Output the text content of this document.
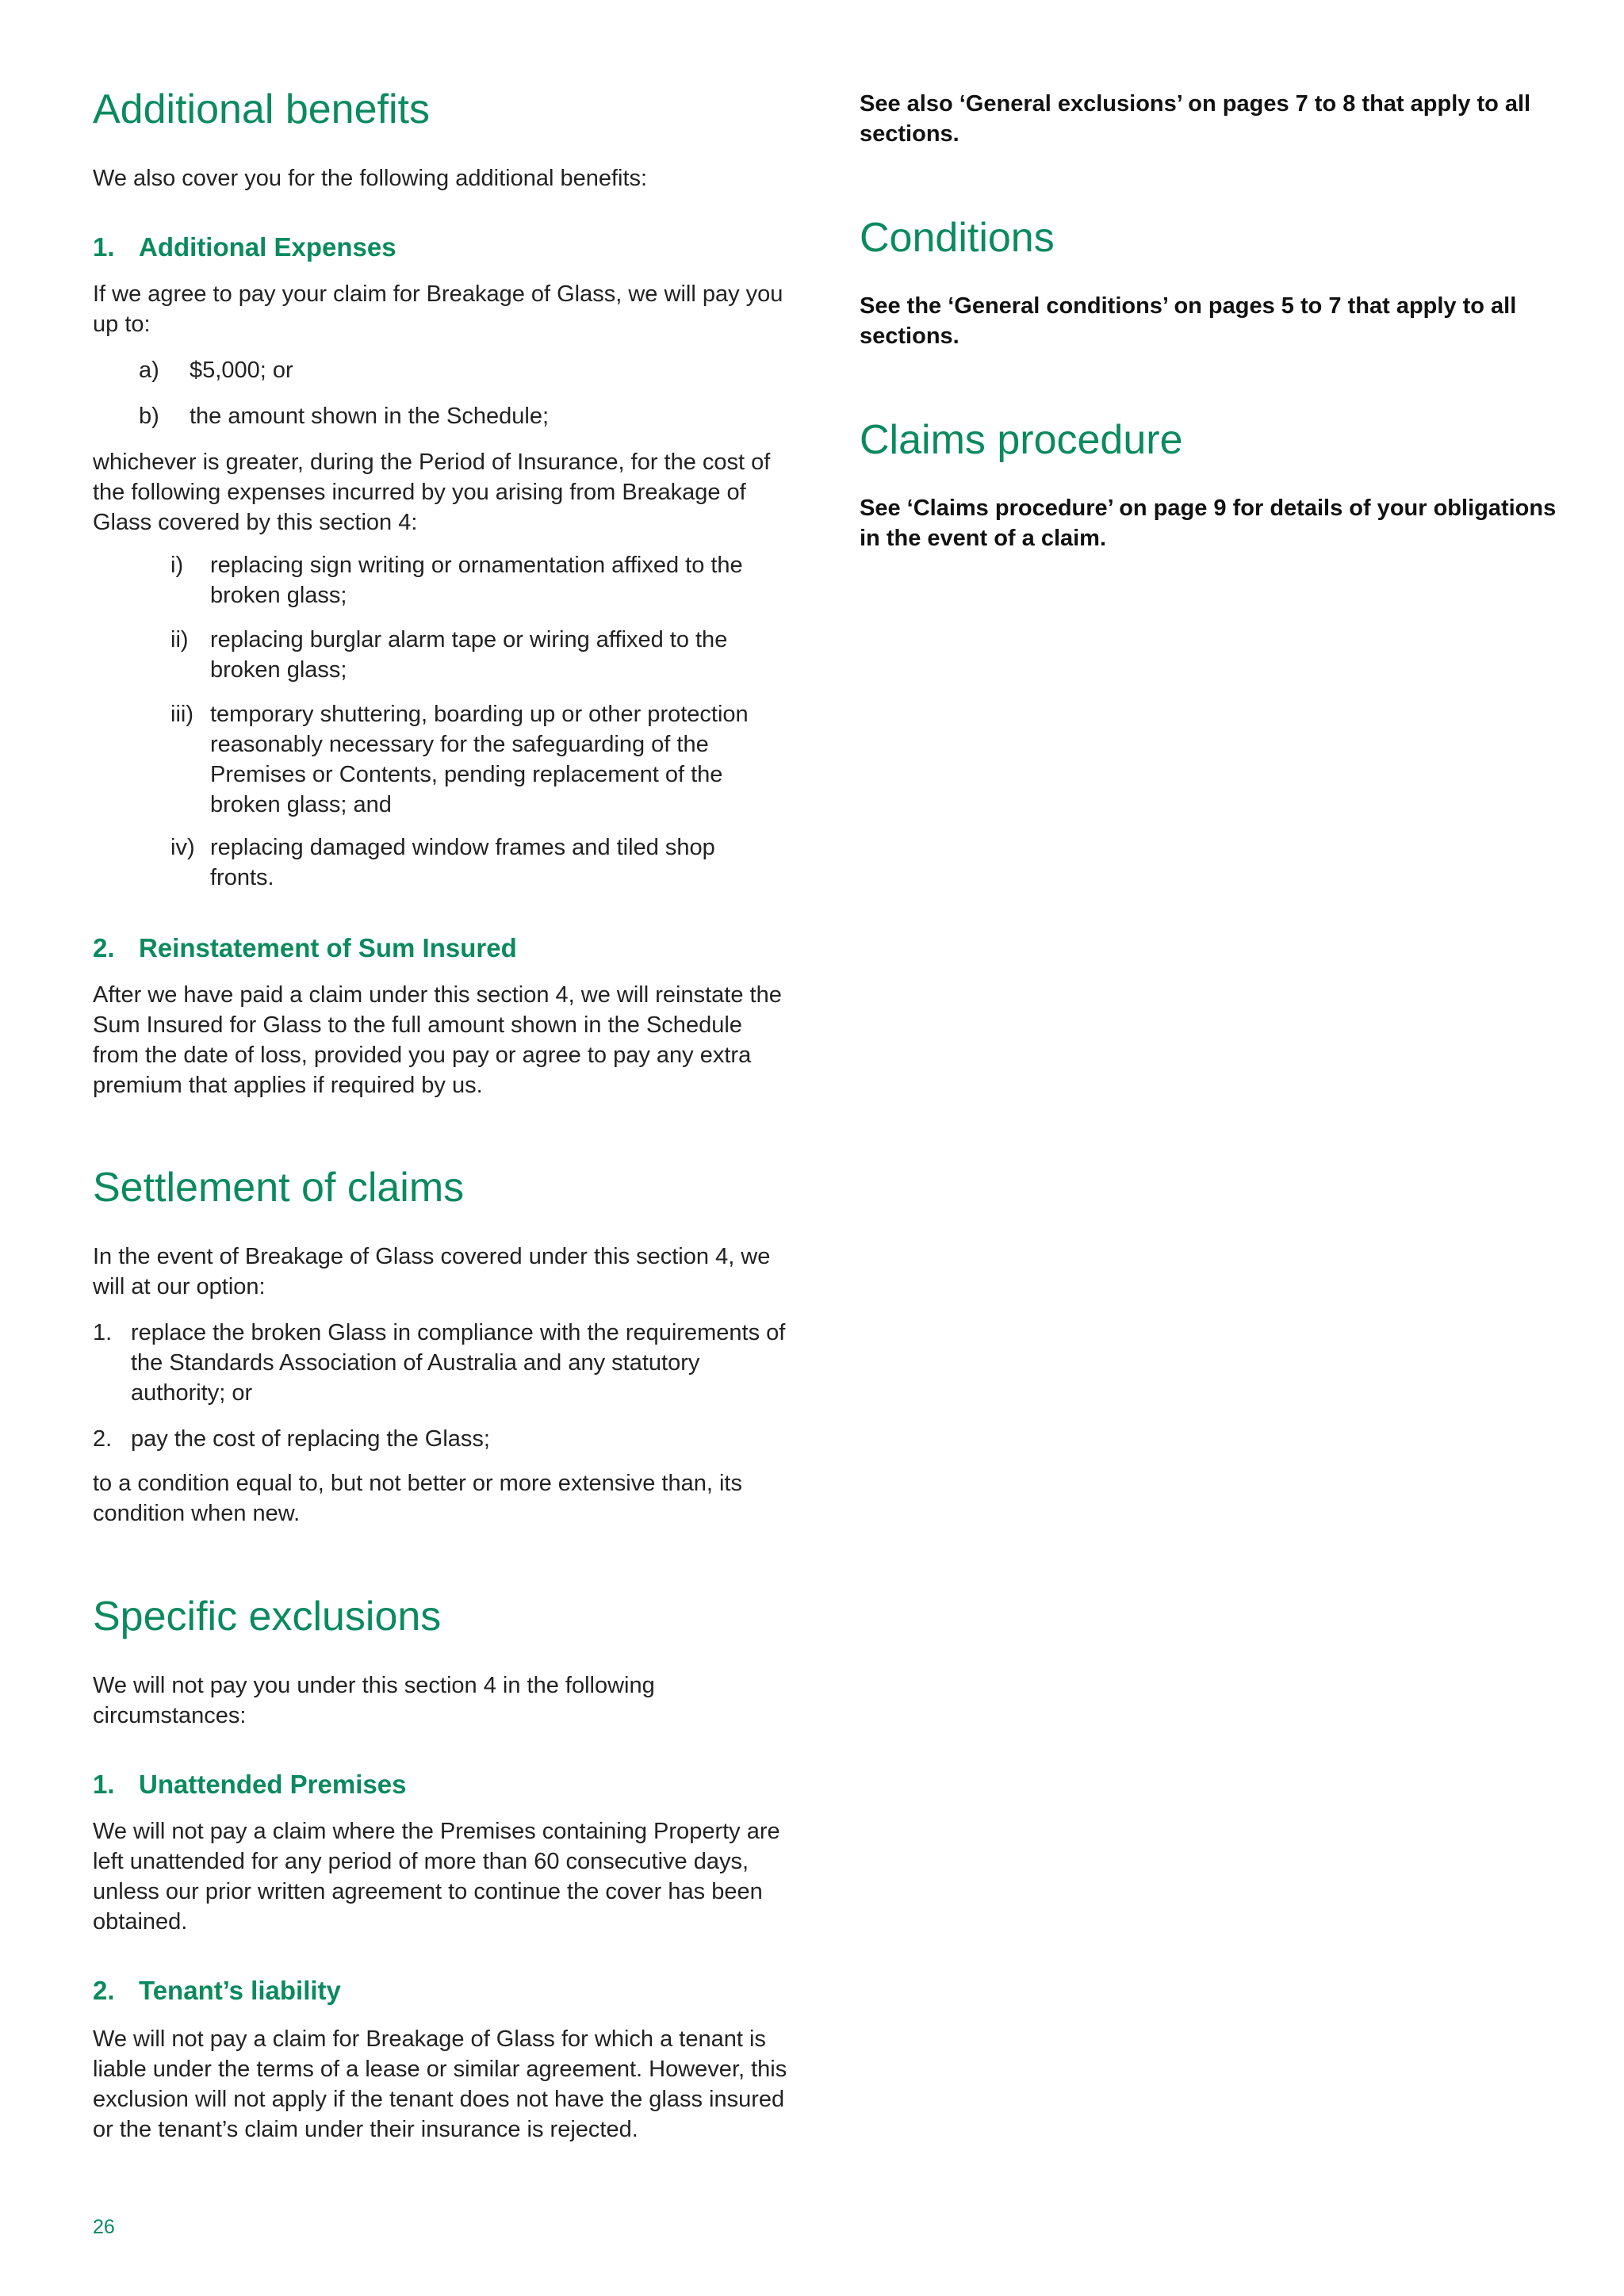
Additional benefits

We also cover you for the following additional benefits:

1. Additional Expenses

If we agree to pay your claim for Breakage of Glass, we will pay you up to:

a) $5,000; or
b) the amount shown in the Schedule;

whichever is greater, during the Period of Insurance, for the cost of the following expenses incurred by you arising from Breakage of Glass covered by this section 4:

i) replacing sign writing or ornamentation affixed to the broken glass;
ii) replacing burglar alarm tape or wiring affixed to the broken glass;
iii) temporary shuttering, boarding up or other protection reasonably necessary for the safeguarding of the Premises or Contents, pending replacement of the broken glass; and
iv) replacing damaged window frames and tiled shop fronts.
2. Reinstatement of Sum Insured

After we have paid a claim under this section 4, we will reinstate the Sum Insured for Glass to the full amount shown in the Schedule from the date of loss, provided you pay or agree to pay any extra premium that applies if required by us.

Settlement of claims

In the event of Breakage of Glass covered under this section 4, we will at our option:

1. replace the broken Glass in compliance with the requirements of the Standards Association of Australia and any statutory authority; or
2. pay the cost of replacing the Glass;

to a condition equal to, but not better or more extensive than, its condition when new.

Specific exclusions

We will not pay you under this section 4 in the following circumstances:

1. Unattended Premises

We will not pay a claim where the Premises containing Property are left unattended for any period of more than 60 consecutive days, unless our prior written agreement to continue the cover has been obtained.

2. Tenant’s liability

We will not pay a claim for Breakage of Glass for which a tenant is liable under the terms of a lease or similar agreement. However, this exclusion will not apply if the tenant does not have the glass insured or the tenant’s claim under their insurance is rejected.

See also ‘General exclusions’ on pages 7 to 8 that apply to all sections.

Conditions

See the ‘General conditions’ on pages 5 to 7 that apply to all sections.

Claims procedure

See ‘Claims procedure’ on page 9 for details of your obligations in the event of a claim.

26
